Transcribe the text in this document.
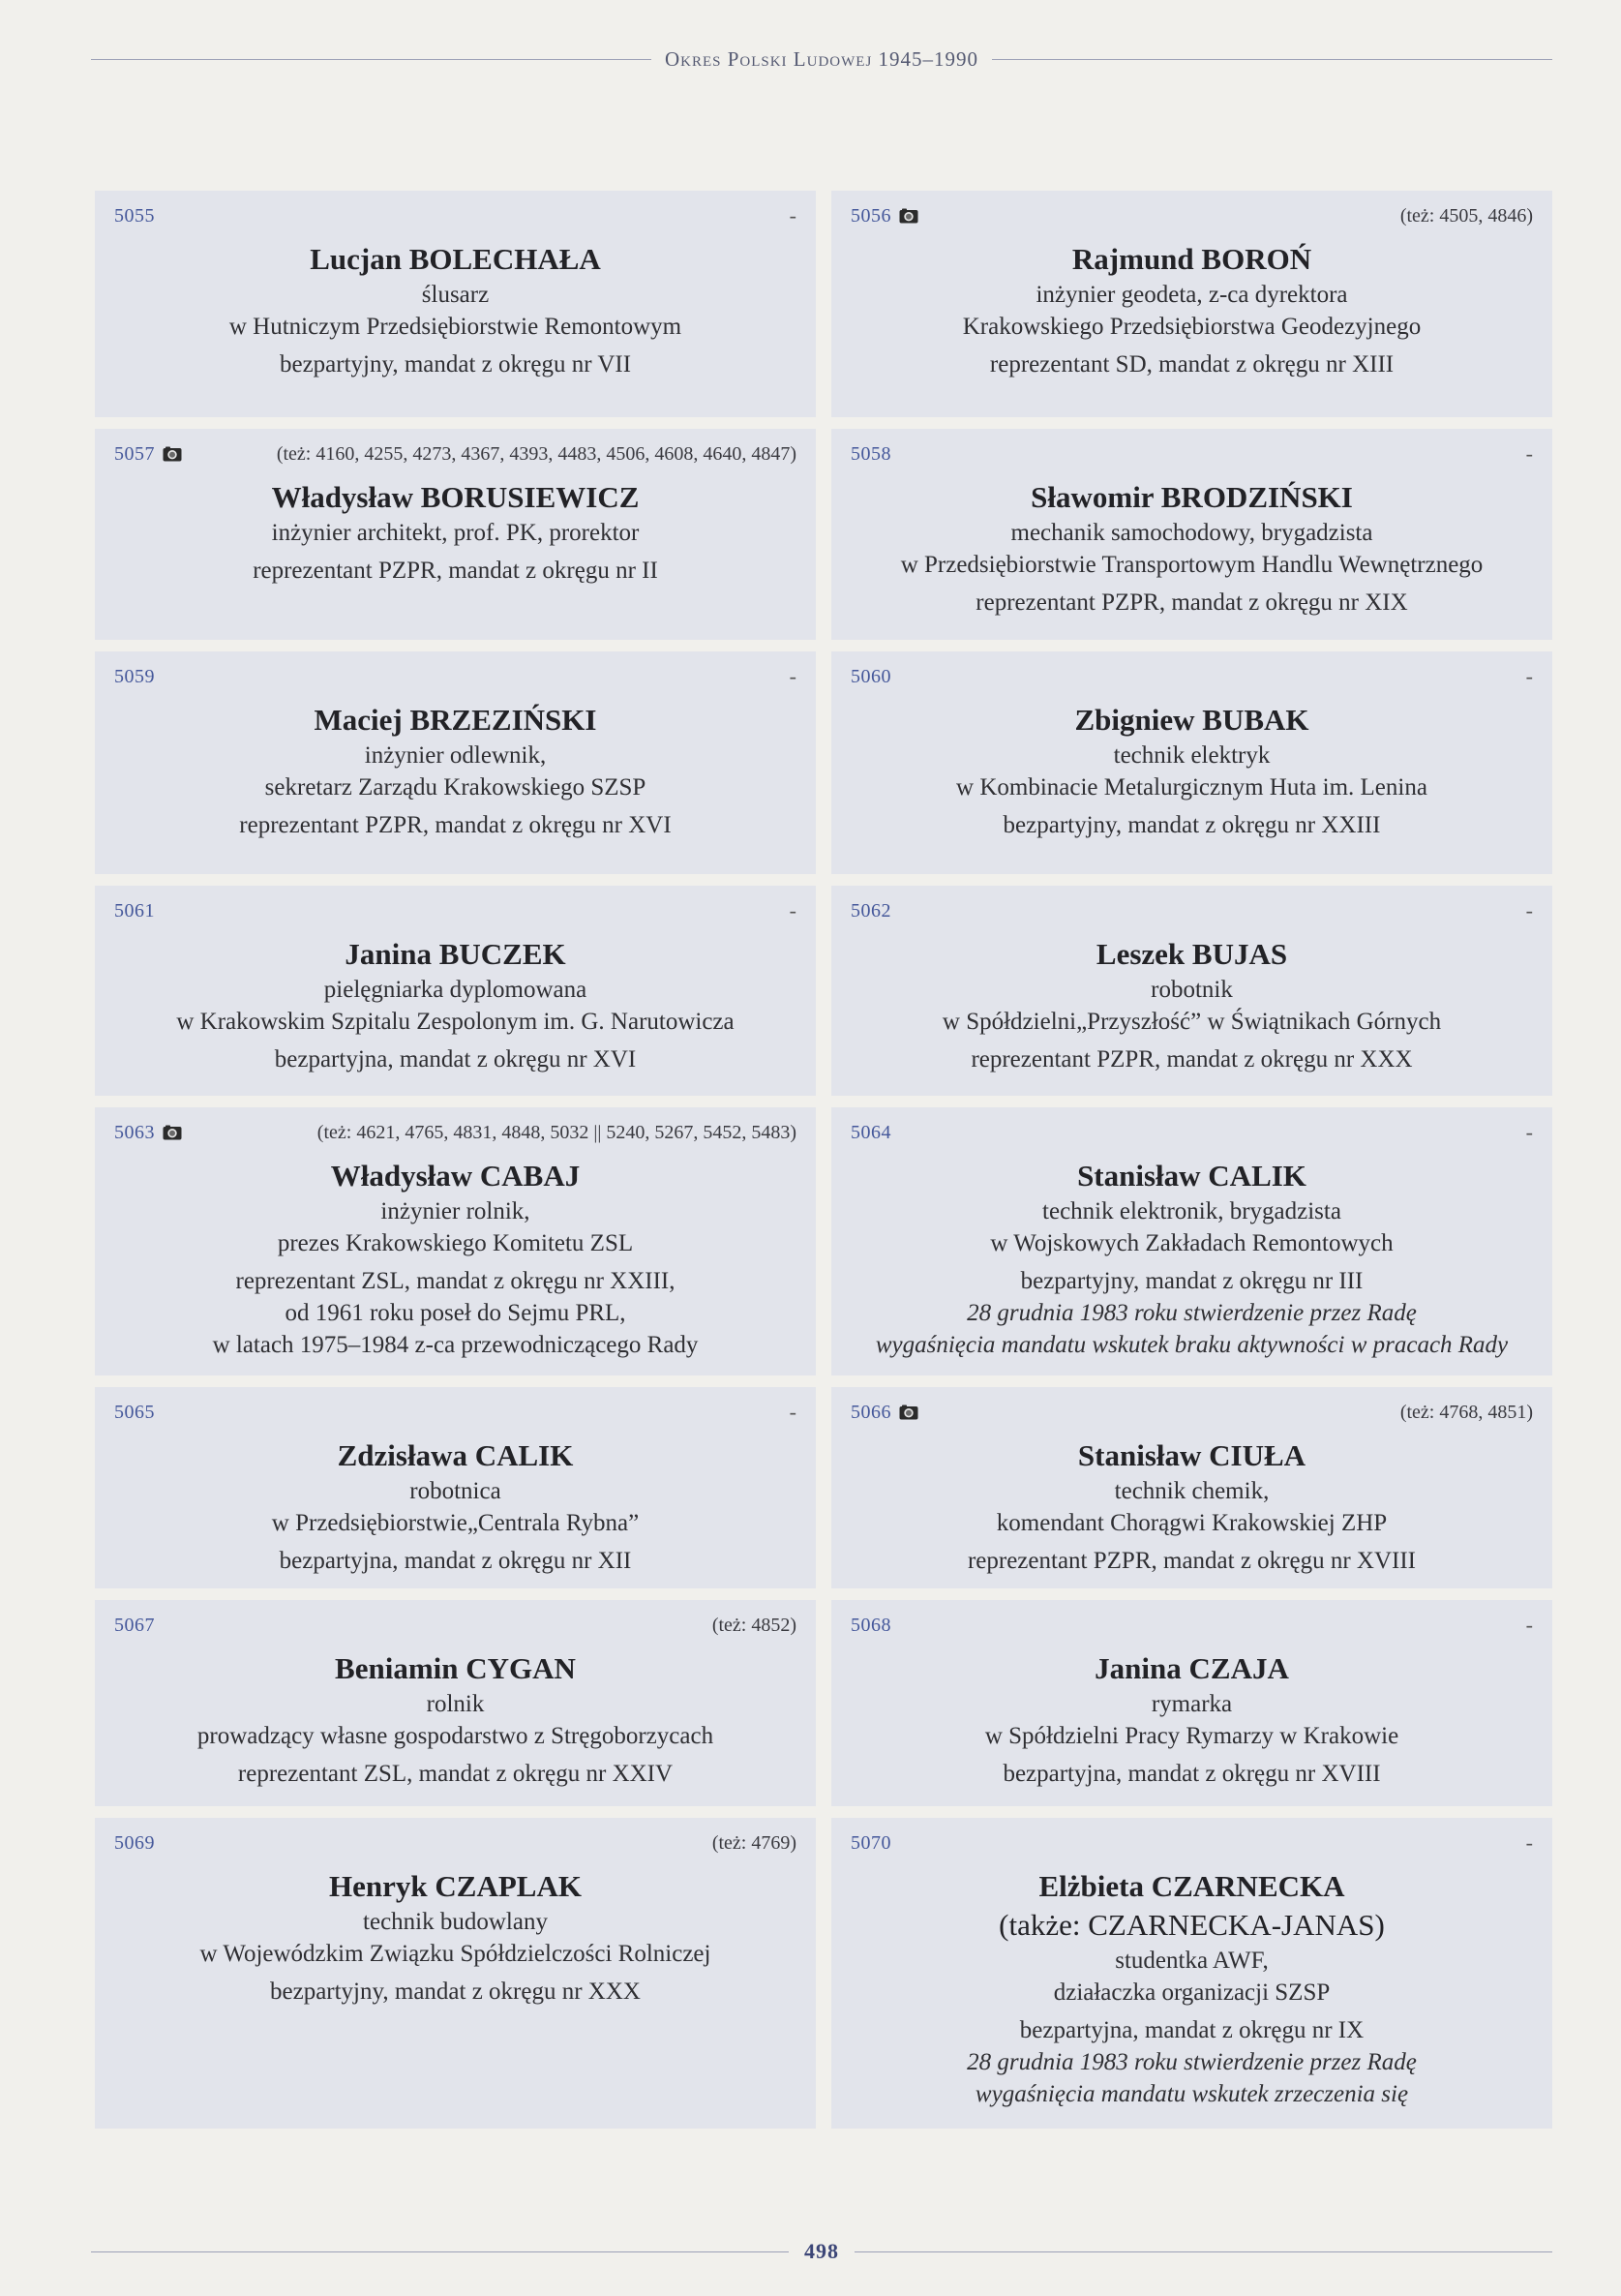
Okres Polski Ludowej 1945–1990
5055	-
Lucjan BOLECHAŁA
ślusarz
w Hutniczym Przedsiębiorstwie Remontowym
bezpartyjny, mandat z okręgu nr VII
5056	(też: 4505, 4846)
Rajmund BOROŃ
inżynier geodeta, z-ca dyrektora
Krakowskiego Przedsiębiorstwa Geodezyjnego
reprezentant SD, mandat z okręgu nr XIII
5057	(też: 4160, 4255, 4273, 4367, 4393, 4483, 4506, 4608, 4640, 4847)
Władysław BORUSIEWICZ
inżynier architekt, prof. PK, prorektor
reprezentant PZPR, mandat z okręgu nr II
5058	-
Sławomir BRODZIŃSKI
mechanik samochodowy, brygadzista
w Przedsiębiorstwie Transportowym Handlu Wewnętrznego
reprezentant PZPR, mandat z okręgu nr XIX
5059	-
Maciej BRZEZIŃSKI
inżynier odlewnik,
sekretarz Zarządu Krakowskiego SZSP
reprezentant PZPR, mandat z okręgu nr XVI
5060	-
Zbigniew BUBAK
technik elektryk
w Kombinacie Metalurgicznym Huta im. Lenina
bezpartyjny, mandat z okręgu nr XXIII
5061	-
Janina BUCZEK
pielęgniarka dyplomowana
w Krakowskim Szpitalu Zespolonym im. G. Narutowicza
bezpartyjna, mandat z okręgu nr XVI
5062	-
Leszek BUJAS
robotnik
w Spółdzielni„Przyszłość” w Świątnikach Górnych
reprezentant PZPR, mandat z okręgu nr XXX
5063	(też: 4621, 4765, 4831, 4848, 5032 || 5240, 5267, 5452, 5483)
Władysław CABAJ
inżynier rolnik,
prezes Krakowskiego Komitetu ZSL
reprezentant ZSL, mandat z okręgu nr XXIII,
od 1961 roku poseł do Sejmu PRL,
w latach 1975–1984 z-ca przewodniczącego Rady
5064	-
Stanisław CALIK
technik elektronik, brygadzista
w Wojskowych Zakładach Remontowych
bezpartyjny, mandat z okręgu nr III
28 grudnia 1983 roku stwierdzenie przez Radę
wygaśnięcia mandatu wskutek braku aktywności w pracach Rady
5065	-
Zdzisława CALIK
robotnica
w Przedsiębiorstwie„Centrala Rybna”
bezpartyjna, mandat z okręgu nr XII
5066	(też: 4768, 4851)
Stanisław CIUŁA
technik chemik,
komendant Chorągwi Krakowskiej ZHP
reprezentant PZPR, mandat z okręgu nr XVIII
5067	(też: 4852)
Beniamin CYGAN
rolnik
prowadzący własne gospodarstwo z Stręgoborzycach
reprezentant ZSL, mandat z okręgu nr XXIV
5068	-
Janina CZAJA
rymarka
w Spółdzielni Pracy Rymarzy w Krakowie
bezpartyjna, mandat z okręgu nr XVIII
5069	(też: 4769)
Henryk CZAPLAK
technik budowlany
w Wojewódzkim Związku Spółdzielczości Rolniczej
bezpartyjny, mandat z okręgu nr XXX
5070	-
Elżbieta CZARNECKA
(także: CZARNECKA-JANAS)
studentka AWF,
działaczka organizacji SZSP
bezpartyjna, mandat z okręgu nr IX
28 grudnia 1983 roku stwierdzenie przez Radę
wygaśnięcia mandatu wskutek zrzeczenia się
498
